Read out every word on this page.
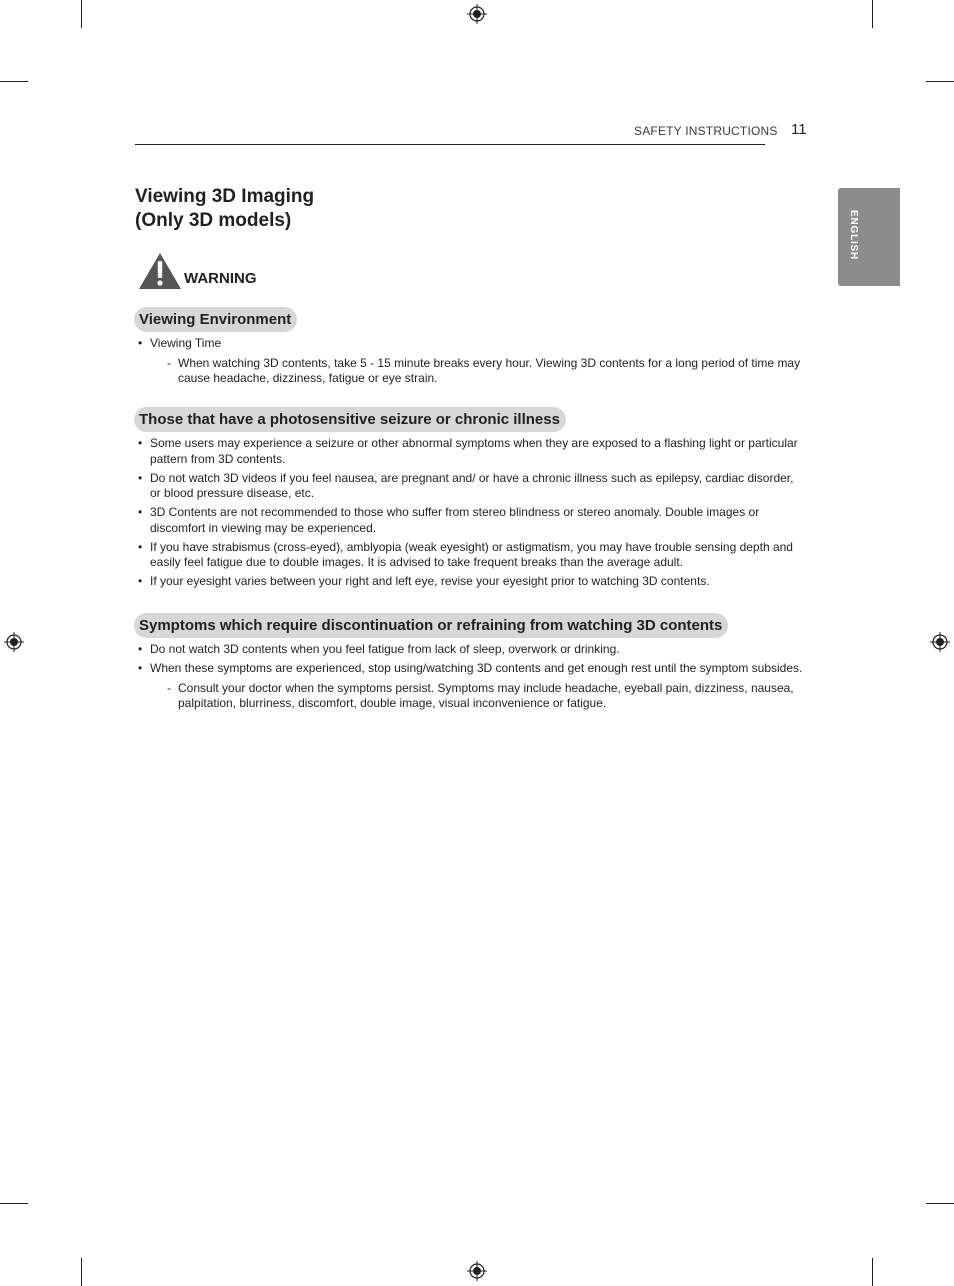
SAFETY INSTRUCTIONS 11
ENGLISH
Viewing 3D Imaging
(Only 3D models)
WARNING
Viewing Environment
• Viewing Time
- When watching 3D contents, take 5 - 15 minute breaks every hour. Viewing 3D contents for a long period of time may cause headache, dizziness, fatigue or eye strain.
Those that have a photosensitive seizure or chronic illness
• Some users may experience a seizure or other abnormal symptoms when they are exposed to a flashing light or particular pattern from 3D contents.
• Do not watch 3D videos if you feel nausea, are pregnant and/ or have a chronic illness such as epilepsy, cardiac disorder, or blood pressure disease, etc.
• 3D Contents are not recommended to those who suffer from stereo blindness or stereo anomaly. Double images or discomfort in viewing may be experienced.
• If you have strabismus (cross-eyed), amblyopia (weak eyesight) or astigmatism, you may have trouble sensing depth and easily feel fatigue due to double images. It is advised to take frequent breaks than the average adult.
• If your eyesight varies between your right and left eye, revise your eyesight prior to watching 3D contents.
Symptoms which require discontinuation or refraining from watching 3D contents
• Do not watch 3D contents when you feel fatigue from lack of sleep, overwork or drinking.
• When these symptoms are experienced, stop using/watching 3D contents and get enough rest until the symptom subsides.
- Consult your doctor when the symptoms persist. Symptoms may include headache, eyeball pain, dizziness, nausea, palpitation, blurriness, discomfort, double image, visual inconvenience or fatigue.
